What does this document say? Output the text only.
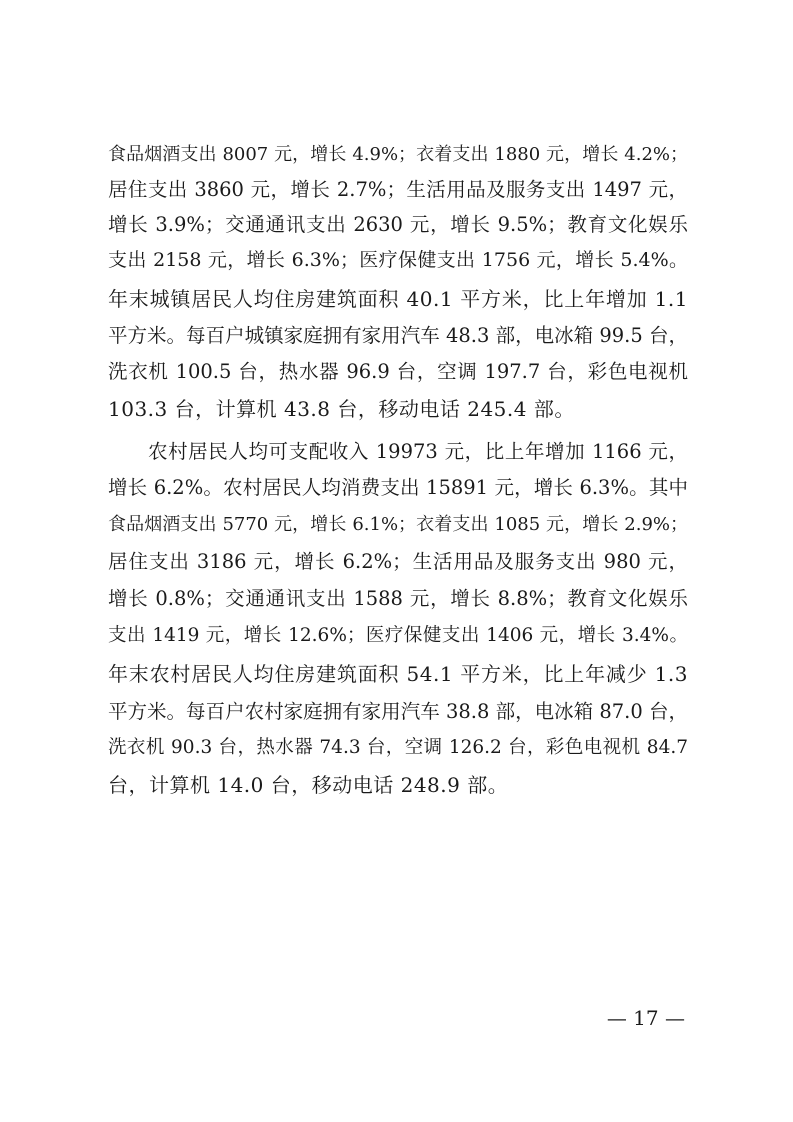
食品烟酒支出 8007 元，增长 4.9%；衣着支出 1880 元，增长 4.2%；
居住支出 3860 元，增长 2.7%；生活用品及服务支出 1497 元，
增长 3.9%；交通通讯支出 2630 元，增长 9.5%；教育文化娱乐
支出 2158 元，增长 6.3%；医疗保健支出 1756 元，增长 5.4%。
年末城镇居民人均住房建筑面积 40.1 平方米，比上年增加 1.1
平方米。每百户城镇家庭拥有家用汽车 48.3 部，电冰箱 99.5 台，
洗衣机 100.5 台，热水器 96.9 台，空调 197.7 台，彩色电视机
103.3 台，计算机 43.8 台，移动电话 245.4 部。
农村居民人均可支配收入 19973 元，比上年增加 1166 元，
增长 6.2%。农村居民人均消费支出 15891 元，增长 6.3%。其中
食品烟酒支出 5770 元，增长 6.1%；衣着支出 1085 元，增长 2.9%；
居住支出 3186 元，增长 6.2%；生活用品及服务支出 980 元，
增长 0.8%；交通通讯支出 1588 元，增长 8.8%；教育文化娱乐
支出 1419 元，增长 12.6%；医疗保健支出 1406 元，增长 3.4%。
年末农村居民人均住房建筑面积 54.1 平方米，比上年减少 1.3
平方米。每百户农村家庭拥有家用汽车 38.8 部，电冰箱 87.0 台，
洗衣机 90.3 台，热水器 74.3 台，空调 126.2 台，彩色电视机 84.7
台，计算机 14.0 台，移动电话 248.9 部。
— 17 —
